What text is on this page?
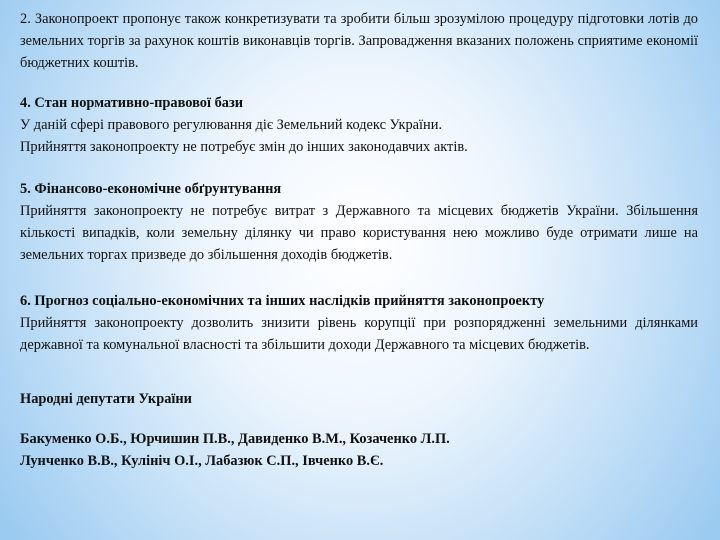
2. Законопроект пропонує також конкретизувати та зробити більш зрозумілою процедуру підготовки лотів до земельних торгів за рахунок коштів виконавців торгів. Запровадження вказаних положень сприятиме економії бюджетних коштів.

4. Стан нормативно-правової бази

У даній сфері правового регулювання діє Земельний кодекс України.

Прийняття законопроекту не потребує змін до інших законодавчих актів.

5. Фінансово-економічне обґрунтування

Прийняття законопроекту не потребує витрат з Державного та місцевих бюджетів України. Збільшення кількості випадків, коли земельну ділянку чи право користування нею можливо буде отримати лише на земельних торгах призведе до збільшення доходів бюджетів.

6. Прогноз соціально-економічних та інших наслідків прийняття законопроекту

Прийняття законопроекту дозволить знизити рівень корупції при розпорядженні земельними ділянками державної та комунальної власності та збільшити доходи Державного та місцевих бюджетів.

Народні депутати України

Бакуменко О.Б., Юрчишин П.В., Давиденко В.М., Козаченко Л.П.

Лунченко В.В., Кулініч О.І., Лабазюк С.П., Івченко В.Є.
